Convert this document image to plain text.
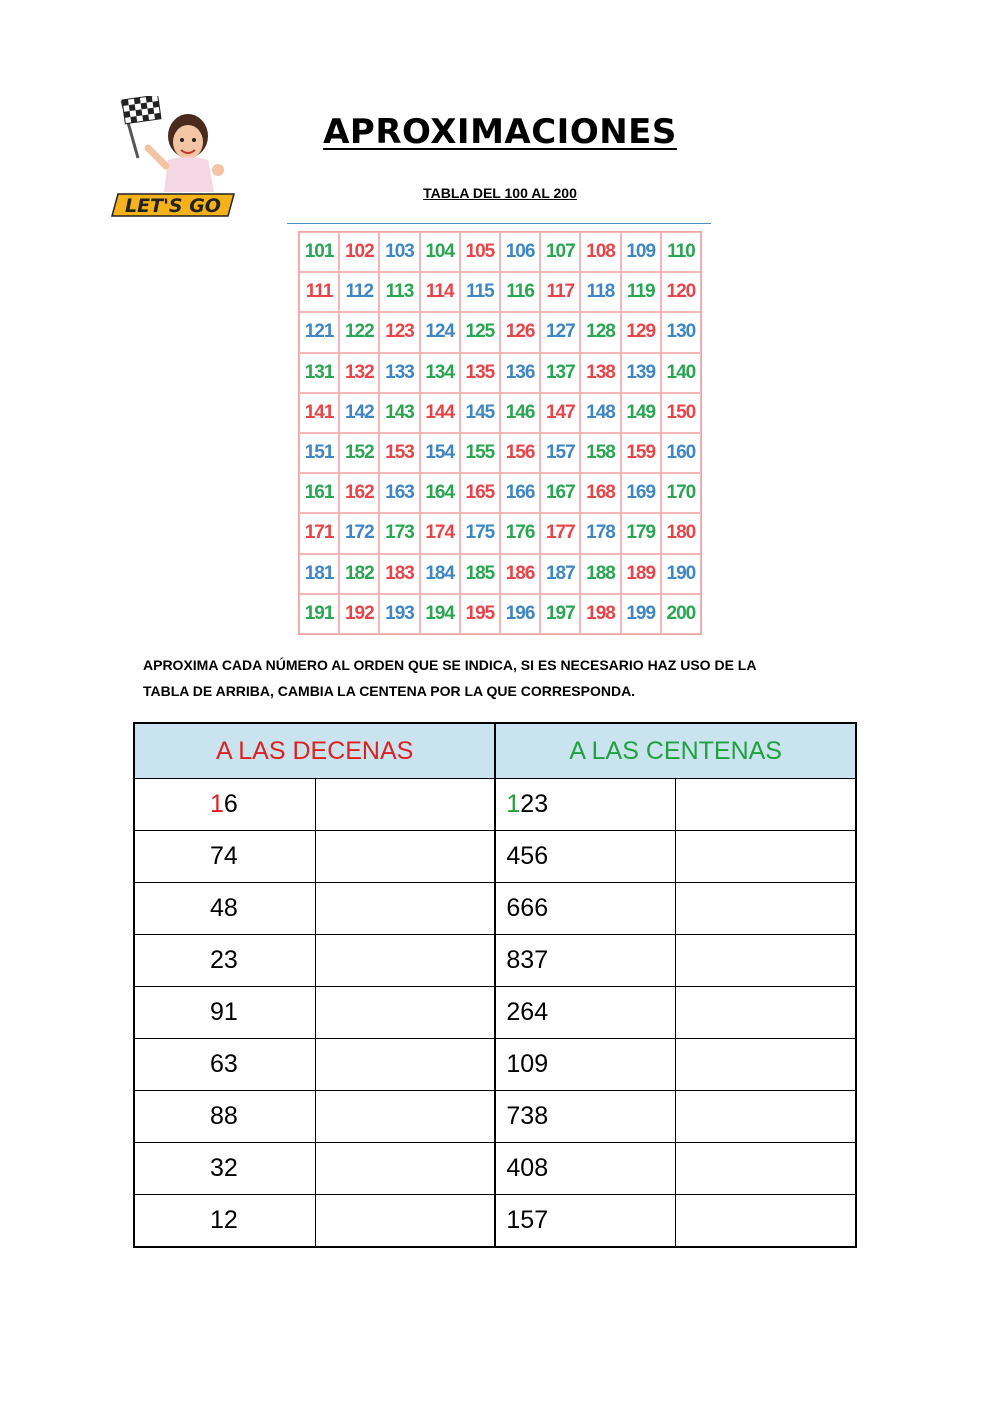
LET'S GO
APROXIMACIONES
TABLA DEL 100 AL 200
101 102 103 104 105 106 107 108 109 110
111 112 113 114 115 116 117 118 119 120
121 122 123 124 125 126 127 128 129 130
131 132 133 134 135 136 137 138 139 140
141 142 143 144 145 146 147 148 149 150
151 152 153 154 155 156 157 158 159 160
161 162 163 164 165 166 167 168 169 170
171 172 173 174 175 176 177 178 179 180
181 182 183 184 185 186 187 188 189 190
191 192 193 194 195 196 197 198 199 200
APROXIMA CADA NÚMERO AL ORDEN QUE SE INDICA, SI ES NECESARIO HAZ USO DE LA
TABLA DE ARRIBA, CAMBIA LA CENTENA POR LA QUE CORRESPONDA.
A LAS DECENAS		A LAS CENTENAS	
16		123	
74		456	
48		666	
23		837	
91		264	
63		109	
88		738	
32		408	
12		157	
